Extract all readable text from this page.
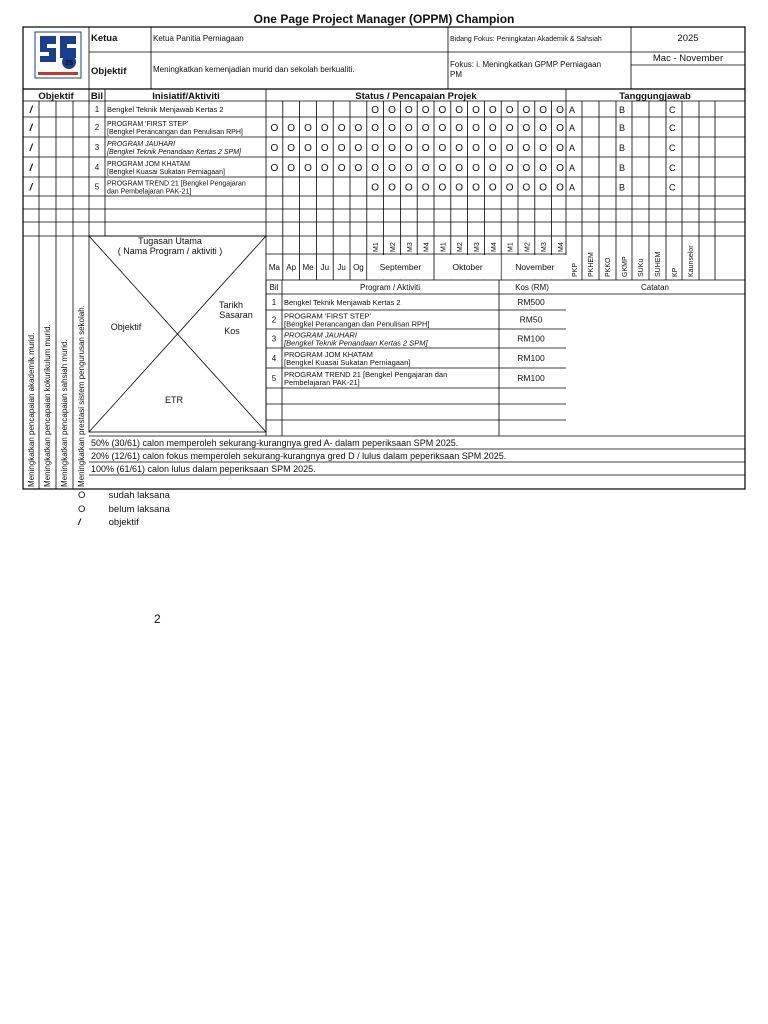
One Page Project Manager (OPPM) Champion
Ketua	Ketua Panitia Perniagaan	Bidang Fokus: Peningkatan Akademik & Sahsiah	2025
Objektif	Meningkatkan kemenjadian murid dan sekolah berkualiti.
Fokus: i. Meningkatkan GPMP Perniagaan
PM
Mac - November
25
Objektif Bil	Inisiatif/Aktiviti	Status / Pencapaian Projek	Tanggungjawab
/	1 Bengkel Teknik Menjawab Kertas 2	O O O O O O O O O O O O A	B	C
/	2 PROGRAM 'FIRST STEP'
[Bengkel Perancangan dan Penulisan RPH]	O O O O O O O O O O O O O O O O O O A	B	C
/	3 PROGRAM JAUHARI
[Bengkel Teknik Penandaan Kertas 2 SPM]	O O O O O O O O O O O O O O O O O O A	B	C
/	4 PROGRAM JOM KHATAM
[Bengkel Kuasai Sukatan Perniagaan]	O O O O O O O O O O O O O O O O O O A	B	C
/	5 PROGRAM TREND 21 [Bengkel Pengajaran
dan Pembelajaran PAK-21]	O O O O O O O O O O O O A	B	C
Meningkatkan pencapaian akademik murid. Meningkatkan pencapaian kokurikulum murid. Meningkatkan pencapaian sahsiah murid. Meningkatkan prestasi sistem pengurusan sekolah.
Tugasan Utama
( Nama Program / aktiviti )
Objektif
Tarikh
Sasaran
Kos
ETR
M1 M2 M3 M4 M1 M2 M3 M4 M1 M2 M3 M4
Ma Ap Me Ju Ju Og September	Oktober	November	PKP PKHEM PKKO GKMP SUKu SUHEM KP Kaunselor
Bil	Program / Aktiviti	Kos (RM)	Catatan
1 Bengkel Teknik Menjawab Kertas 2	RM500
2 PROGRAM 'FIRST STEP'
[Bengkel Perancangan dan Penulisan RPH]	RM50
3 PROGRAM JAUHARI
[Bengkel Teknik Penandaan Kertas 2 SPM]	RM100
4 PROGRAM JOM KHATAM
[Bengkel Kuasai Sukatan Perniagaan]	RM100
5 PROGRAM TREND 21 [Bengkel Pengajaran dan
Pembelajaran PAK-21]	RM100
50% (30/61) calon memperoleh sekurang-kurangnya gred A- dalam peperiksaan SPM 2025.
20% (12/61) calon fokus memperoleh sekurang-kurangnya gred D / lulus dalam peperiksaan SPM 2025.
100% (61/61) calon lulus dalam peperiksaan SPM 2025.
O sudah laksana
O belum laksana
/	objektif
2
